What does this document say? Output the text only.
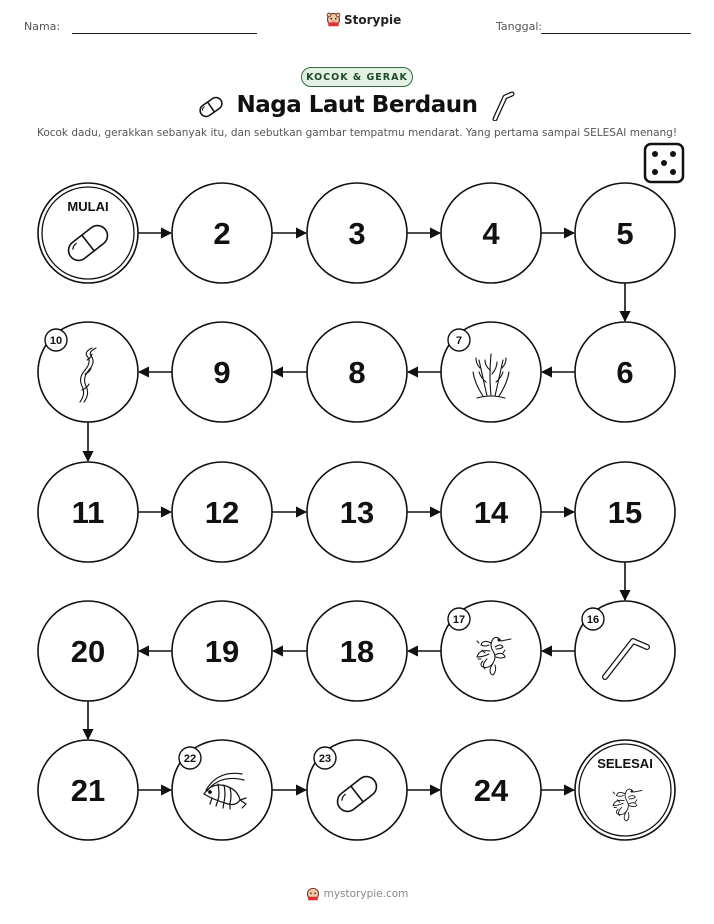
Nama:	Storypie	Tanggal:
KOCOK & GERAK
Naga Laut Berdaun
Kocok dadu, gerakkan sebanyak itu, dan sebutkan gambar tempatmu mendarat. Yang pertama sampai SELESAI menang!
MULAI
2	3	4	5
6
7
8
9
10
11	12	13	14	15
16
17
18
19
20
21
22	23
24
SELESAI
mystorypie.com
